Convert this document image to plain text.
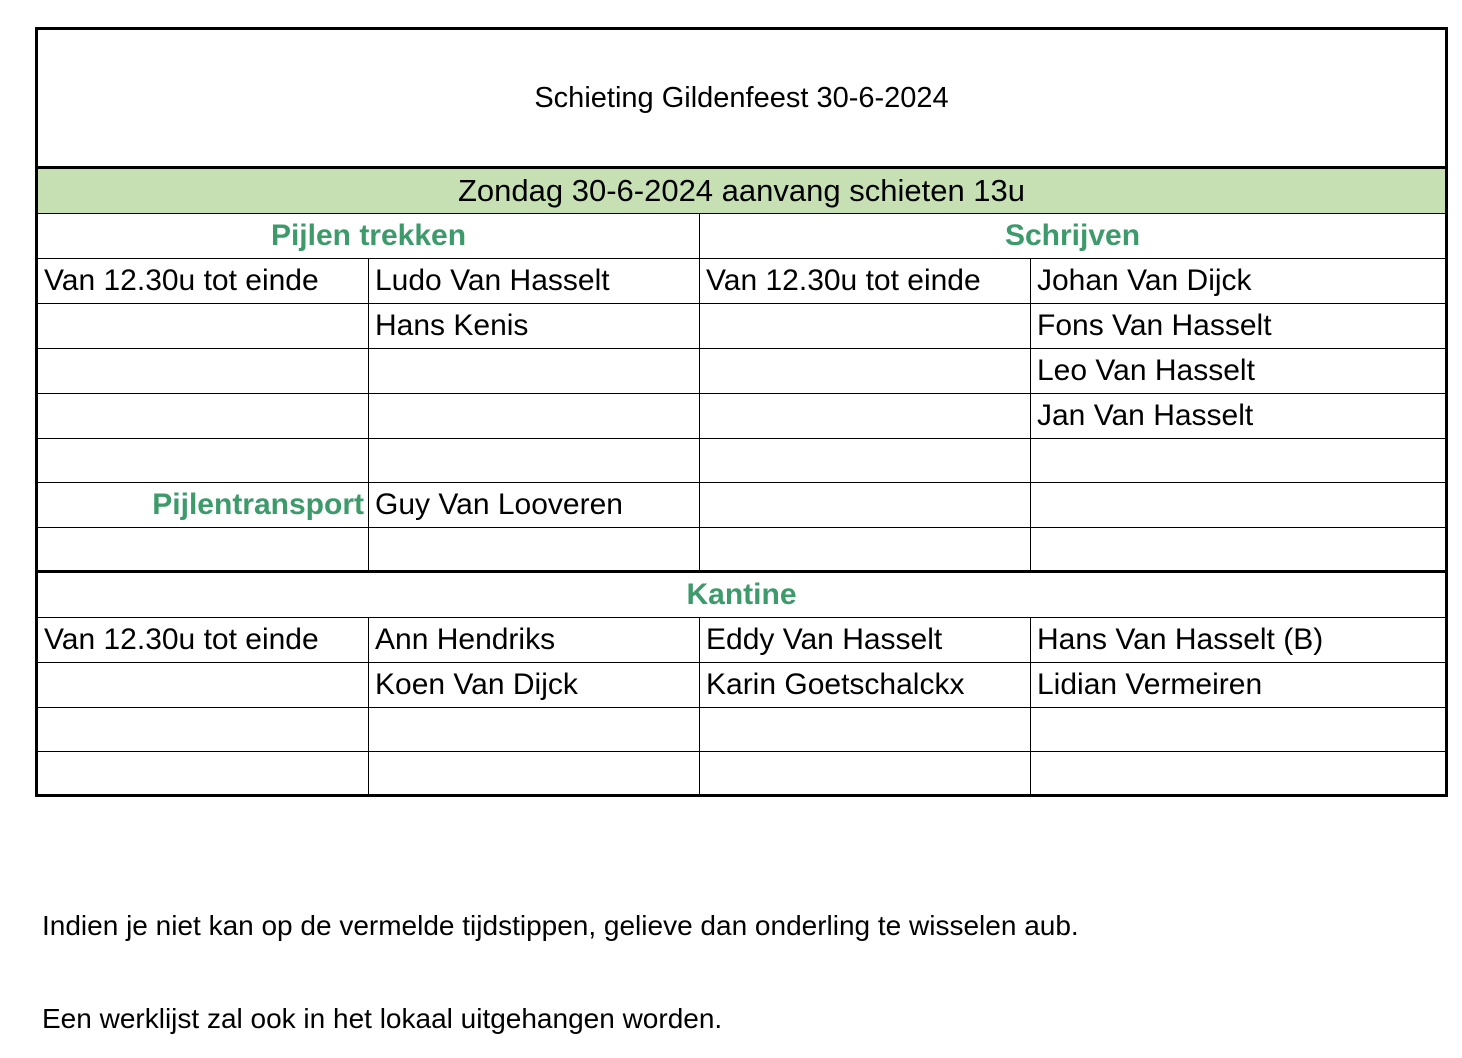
Schieting Gildenfeest 30-6-2024			
Zondag 30-6-2024 aanvang schieten 13u			
Pijlen trekken		Schrijven	
Van 12.30u tot einde	Ludo Van Hasselt	Van 12.30u tot einde	Johan Van Dijck
	Hans Kenis		Fons Van Hasselt
			Leo Van Hasselt
			Jan Van Hasselt

Pijlentransport	Guy Van Looveren		

Kantine			
Van 12.30u tot einde	Ann Hendriks	Eddy Van Hasselt	Hans Van Hasselt (B)
	Koen Van Dijck	Karin Goetschalckx	Lidian Vermeiren

Indien je niet kan op de vermelde tijdstippen, gelieve dan onderling te wisselen aub.
Een werklijst zal ook in het lokaal uitgehangen worden.
